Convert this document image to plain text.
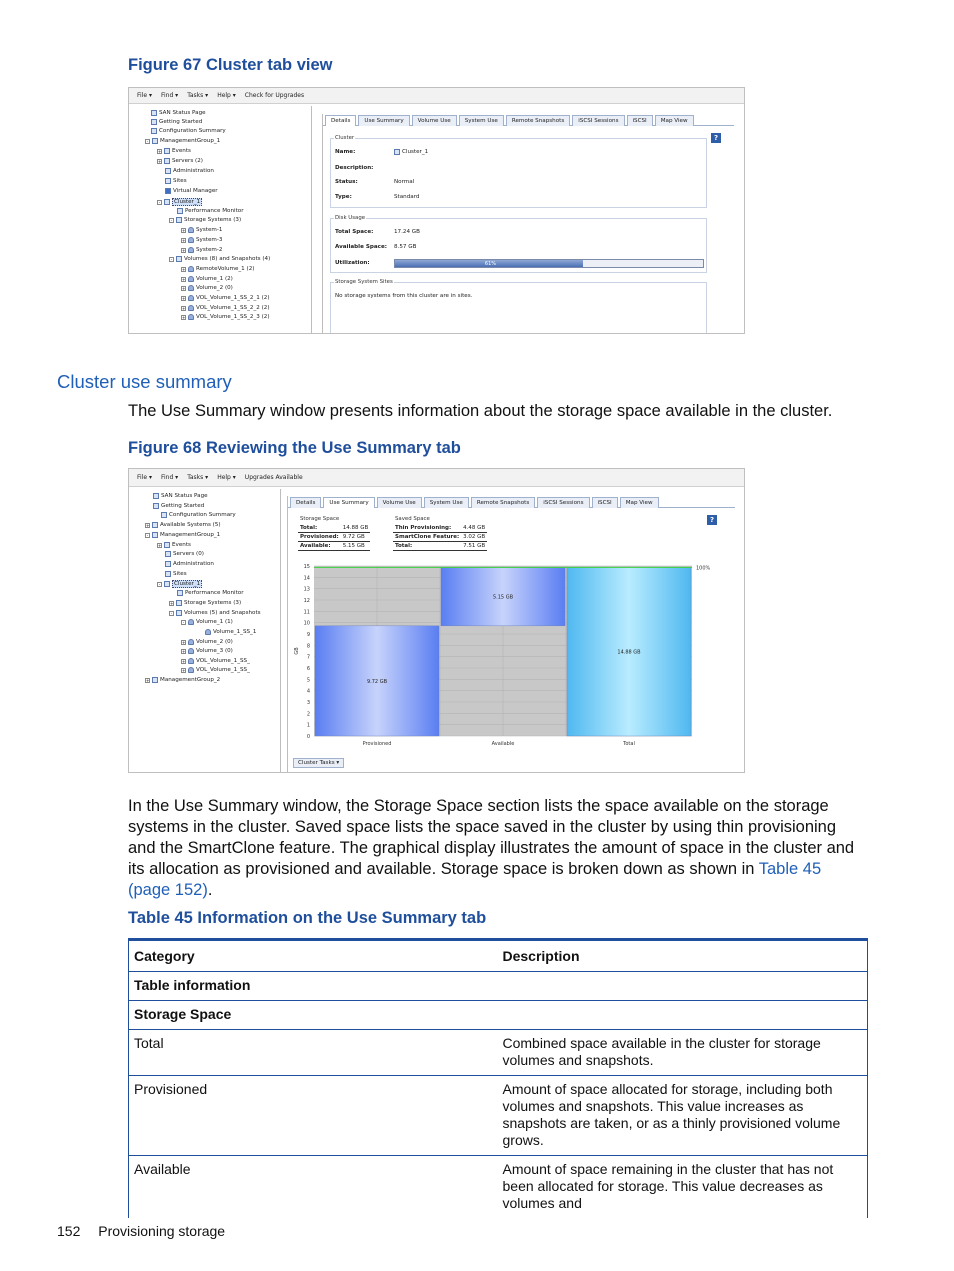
Figure 67 Cluster tab view
File ▾ Find ▾ Tasks ▾ Help ▾ Check for Upgrades
SAN Status Page
Getting Started
Configuration Summary
-	ManagementGroup_1
+ Events
+ Servers (2)
Administration
Sites
Virtual Manager
-	Cluster_1
Performance Monitor
-	Storage Systems (3)
+ System-1
+ System-3
+ System-2
-	Volumes (8) and Snapshots (4)
+ RemoteVolume_1 (2)
+ Volume_1 (2)
+ Volume_2 (0)
+ VOL_Volume_1_SS_2_1 (2)
+ VOL_Volume_1_SS_2_2 (2)
+ VOL_Volume_1_SS_2_3 (2)
Details	Use Summary	Volume Use	System Use	Remote Snapshots	iSCSI Sessions	iSCSI	Map View
?
Cluster
Name:	Cluster_1
Description:
Status:	Normal
Type:	Standard
Disk Usage
Total Space:	17.24 GB
Available Space: 8.57 GB
Utilization:	61%
Storage System Sites
No storage systems from this cluster are in sites.
Cluster use summary
The Use Summary window presents information about the storage space available in the cluster.
Figure 68 Reviewing the Use Summary tab
File ▾ Find ▾ Tasks ▾ Help ▾ Upgrades Available
SAN Status Page
Getting Started
Configuration Summary
+ Available Systems (5)
-	ManagementGroup_1
+ Events
Servers (0)
Administration
Sites
-	Cluster_1
Performance Monitor
+ Storage Systems (3)
-	Volumes (5) and Snapshots
-	Volume_1 (1)
Volume_1_SS_1
+ Volume_2 (0)
+ Volume_3 (0)
+ VOL_Volume_1_SS_
+ VOL_Volume_1_SS_
+ ManagementGroup_2
Details	Use Summary	Volume Use	System Use	Remote Snapshots	iSCSI Sessions	iSCSI	Map View
?
Storage Space
Total:	14.88 GB
Provisioned:	9.72 GB
Available:	5.15 GB
Saved Space
Thin Provisioning:	4.48 GB
SmartClone Feature:	3.02 GB
Total:	7.51 GB
9.72 GB
5.15 GB
14.88 GB
0
1
2
3
4
5
6
7
8
9
10
11
12
13
14
15
GB
100%
Provisioned	Available	Total
Cluster Tasks ▾
In the Use Summary window, the Storage Space section lists the space available on the storage systems in the cluster. Saved space lists the space saved in the cluster by using thin provisioning and the SmartClone feature. The graphical display illustrates the amount of space in the cluster and its allocation as provisioned and available. Storage space is broken down as shown in Table 45 (page 152).
Table 45 Information on the Use Summary tab
Category	Description
Table information	
Storage Space	
Total	Combined space available in the cluster for storage volumes and snapshots.
Provisioned	Amount of space allocated for storage, including both volumes and snapshots. This value increases as snapshots are taken, or as a thinly provisioned volume grows.
Available	Amount of space remaining in the cluster that has not been allocated for storage. This value decreases as volumes and
152 Provisioning storage
